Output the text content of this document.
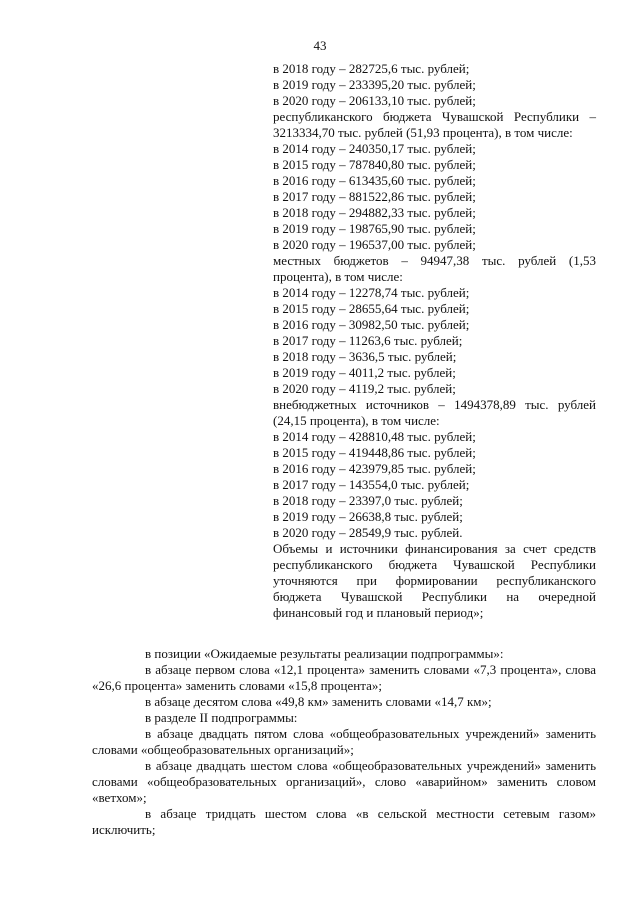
43
в 2018 году – 282725,6 тыс. рублей;
в 2019 году – 233395,20 тыс. рублей;
в 2020 году – 206133,10 тыс. рублей;
республиканского бюджета Чувашской Республики – 3213334,70 тыс. рублей (51,93 процента), в том числе:
в 2014 году – 240350,17 тыс. рублей;
в 2015 году – 787840,80 тыс. рублей;
в 2016 году – 613435,60 тыс. рублей;
в 2017 году – 881522,86 тыс. рублей;
в 2018 году – 294882,33 тыс. рублей;
в 2019 году – 198765,90 тыс. рублей;
в 2020 году – 196537,00 тыс. рублей;
местных бюджетов – 94947,38 тыс. рублей (1,53 процента), в том числе:
в 2014 году – 12278,74 тыс. рублей;
в 2015 году – 28655,64 тыс. рублей;
в 2016 году – 30982,50 тыс. рублей;
в 2017 году – 11263,6 тыс. рублей;
в 2018 году – 3636,5 тыс. рублей;
в 2019 году – 4011,2 тыс. рублей;
в 2020 году – 4119,2 тыс. рублей;
внебюджетных источников – 1494378,89 тыс. рублей (24,15 процента), в том числе:
в 2014 году – 428810,48 тыс. рублей;
в 2015 году – 419448,86 тыс. рублей;
в 2016 году – 423979,85 тыс. рублей;
в 2017 году – 143554,0 тыс. рублей;
в 2018 году – 23397,0 тыс. рублей;
в 2019 году – 26638,8 тыс. рублей;
в 2020 году – 28549,9 тыс. рублей.
Объемы и источники финансирования за счет средств республиканского бюджета Чувашской Республики уточняются при формировании республиканского бюджета Чувашской Республики на очередной финансовый год и плановый период»;
в позиции «Ожидаемые результаты реализации подпрограммы»:
в абзаце первом слова «12,1 процента» заменить словами «7,3 процента», слова «26,6 процента» заменить словами «15,8 процента»;
в абзаце десятом слова «49,8 км» заменить словами «14,7 км»;
в разделе II подпрограммы:
в абзаце двадцать пятом слова «общеобразовательных учреждений» заменить словами «общеобразовательных организаций»;
в абзаце двадцать шестом слова «общеобразовательных учреждений» заменить словами «общеобразовательных организаций», слово «аварийном» заменить словом «ветхом»;
в абзаце тридцать шестом слова «в сельской местности сетевым газом» исключить;
